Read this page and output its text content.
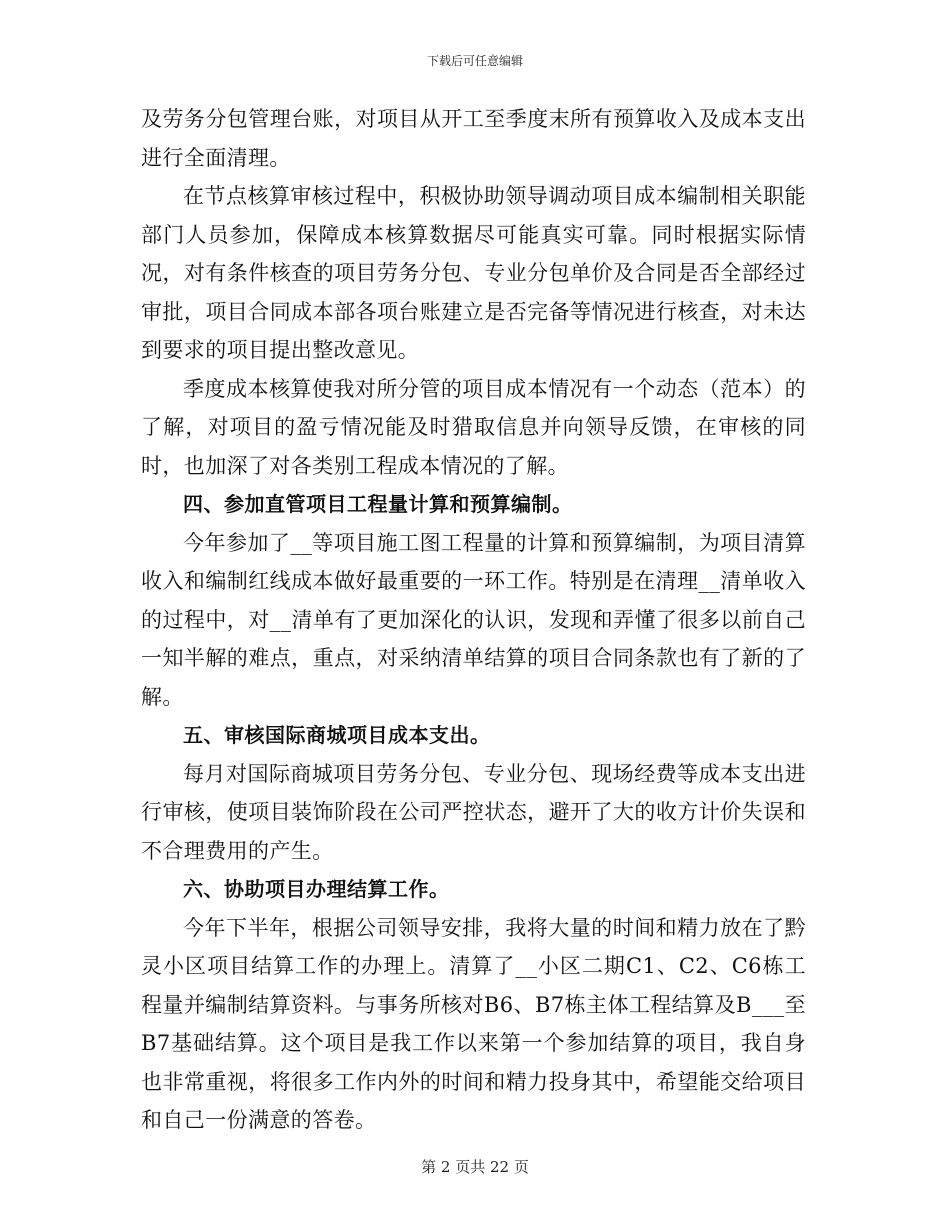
下载后可任意编辑

及劳务分包管理台账，对项目从开工至季度末所有预算收入及成本支出进行全面清理。

在节点核算审核过程中，积极协助领导调动项目成本编制相关职能部门人员参加，保障成本核算数据尽可能真实可靠。同时根据实际情况，对有条件核查的项目劳务分包、专业分包单价及合同是否全部经过审批，项目合同成本部各项台账建立是否完备等情况进行核查，对未达到要求的项目提出整改意见。

季度成本核算使我对所分管的项目成本情况有一个动态（范本）的了解，对项目的盈亏情况能及时猎取信息并向领导反馈，在审核的同时，也加深了对各类别工程成本情况的了解。

四、参加直管项目工程量计算和预算编制。

今年参加了__等项目施工图工程量的计算和预算编制，为项目清算收入和编制红线成本做好最重要的一环工作。特别是在清理__清单收入的过程中，对__清单有了更加深化的认识，发现和弄懂了很多以前自己一知半解的难点，重点，对采纳清单结算的项目合同条款也有了新的了解。

五、审核国际商城项目成本支出。

每月对国际商城项目劳务分包、专业分包、现场经费等成本支出进行审核，使项目装饰阶段在公司严控状态，避开了大的收方计价失误和不合理费用的产生。

六、协助项目办理结算工作。

今年下半年，根据公司领导安排，我将大量的时间和精力放在了黔灵小区项目结算工作的办理上。清算了__小区二期C1、C2、C6栋工程量并编制结算资料。与事务所核对B6、B7栋主体工程结算及B___至B7基础结算。这个项目是我工作以来第一个参加结算的项目，我自身也非常重视，将很多工作内外的时间和精力投身其中，希望能交给项目和自己一份满意的答卷。

第 2 页共 22 页
